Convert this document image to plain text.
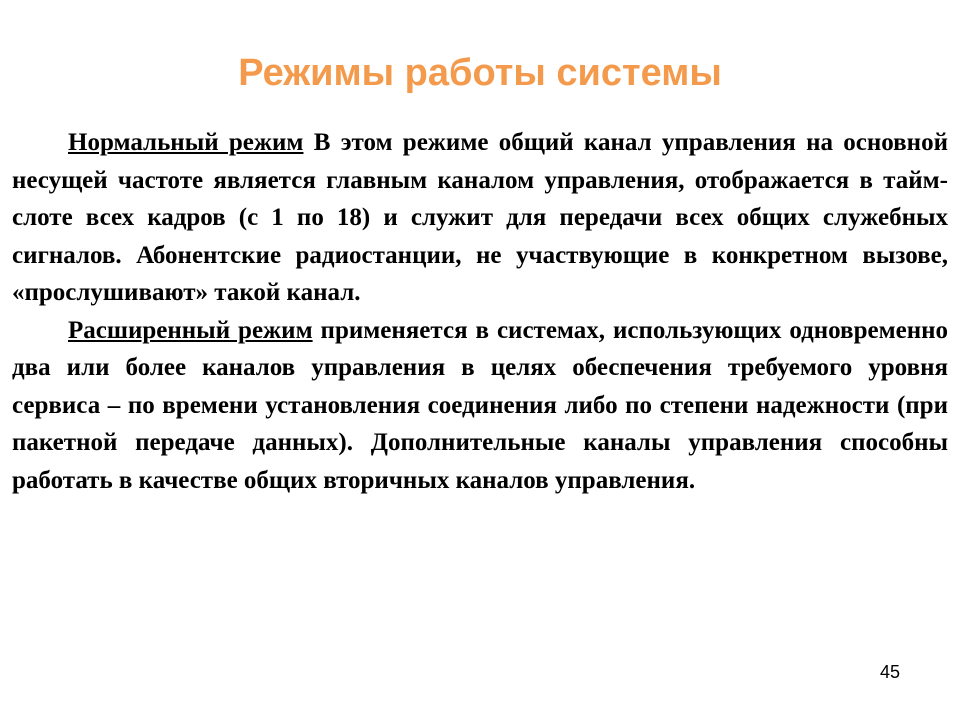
Режимы работы системы

Нормальный режим В этом режиме общий канал управления на основной несущей частоте является главным каналом управления, отображается в тайм-слоте всех кадров (с 1 по 18) и служит для передачи всех общих служебных сигналов. Абонентские радиостанции, не участвующие в конкретном вызове, «прослушивают» такой канал.

Расширенный режим применяется в системах, использующих одновременно два или более каналов управления в целях обеспечения требуемого уровня сервиса – по времени установления соединения либо по степени надежности (при пакетной передаче данных). Дополнительные каналы управления способны работать в качестве общих вторичных каналов управления.

45
